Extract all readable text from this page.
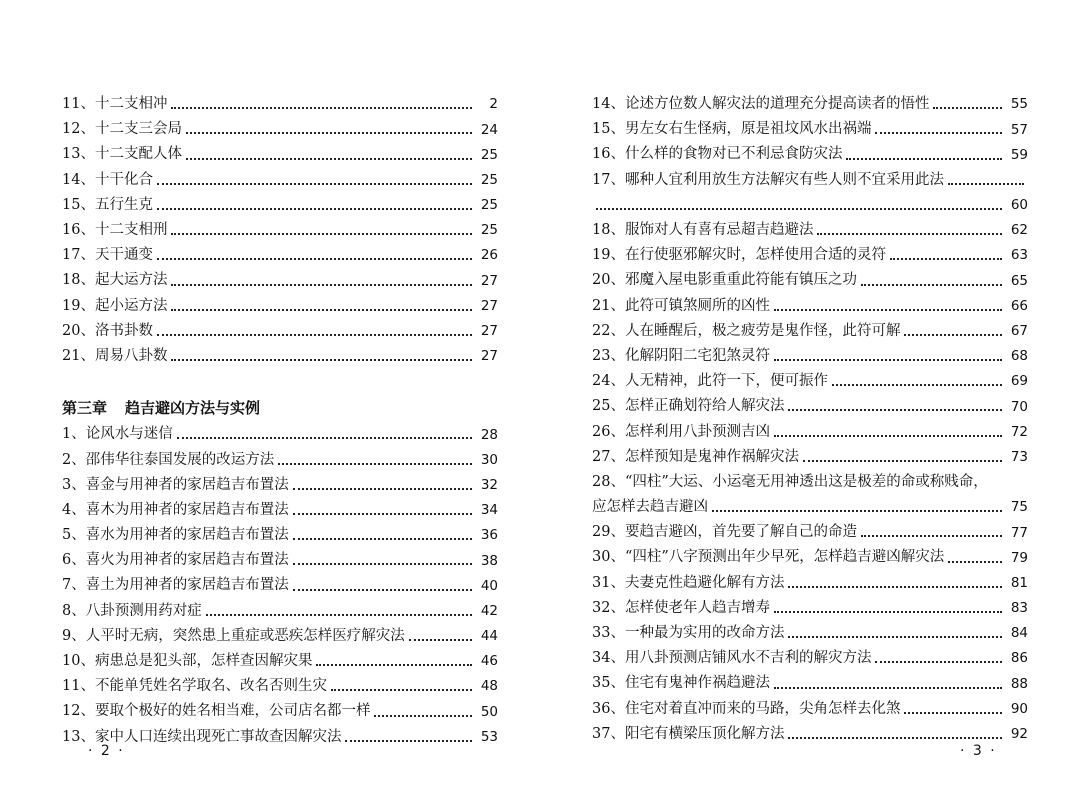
11、十二支相冲	2
12、十二支三会局	24
13、十二支配人体	25
14、十干化合	25
15、五行生克	25
16、十二支相刑	25
17、天干通变	26
18、起大运方法	27
19、起小运方法	27
20、洛书卦数	27
21、周易八卦数	27
第三章 趋吉避凶方法与实例
1、论风水与迷信	28
2、邵伟华往泰国发展的改运方法	30
3、喜金与用神者的家居趋吉布置法	32
4、喜木为用神者的家居趋吉布置法	34
5、喜水为用神者的家居趋吉布置法	36
6、喜火为用神者的家居趋吉布置法	38
7、喜土为用神者的家居趋吉布置法	40
8、八卦预测用药对症	42
9、人平时无病，突然患上重症或恶疾怎样医疗解灾法	44
10、病患总是犯头部，怎样查因解灾果	46
11、不能单凭姓名学取名、改名否则生灾	48
12、要取个极好的姓名相当难，公司店名都一样	50
13、家中人口连续出现死亡事故查因解灾法	53
14、论述方位数人解灾法的道理充分提高读者的悟性	55
15、男左女右生怪病，原是祖坟风水出祸端	57
16、什么样的食物对已不利忌食防灾法	59
17、哪种人宜利用放生方法解灾有些人则不宜采用此法
60
18、服饰对人有喜有忌超吉趋避法	62
19、在行使驱邪解灾时，怎样使用合适的灵符	63
20、邪魔入屋电影重重此符能有镇压之功	65
21、此符可镇煞厕所的凶性	66
22、人在睡醒后，极之疲劳是鬼作怪，此符可解	67
23、化解阴阳二宅犯煞灵符	68
24、人无精神，此符一下，便可振作	69
25、怎样正确划符给人解灾法	70
26、怎样利用八卦预测吉凶	72
27、怎样预知是鬼神作祸解灾法	73
28、“四柱”大运、小运毫无用神透出这是极差的命或称贱命，
应怎样去趋吉避凶	75
29、要趋吉避凶，首先要了解自己的命造	77
30、“四柱”八字预测出年少早死，怎样趋吉避凶解灾法	79
31、夫妻克性趋避化解有方法	81
32、怎样使老年人趋吉增寿	83
33、一种最为实用的改命方法	84
34、用八卦预测店铺风水不吉利的解灾方法	86
35、住宅有鬼神作祸趋避法	88
36、住宅对着直冲而来的马路，尖角怎样去化煞	90
37、阳宅有横梁压顶化解方法	92
· 2 ·	· 3 ·
